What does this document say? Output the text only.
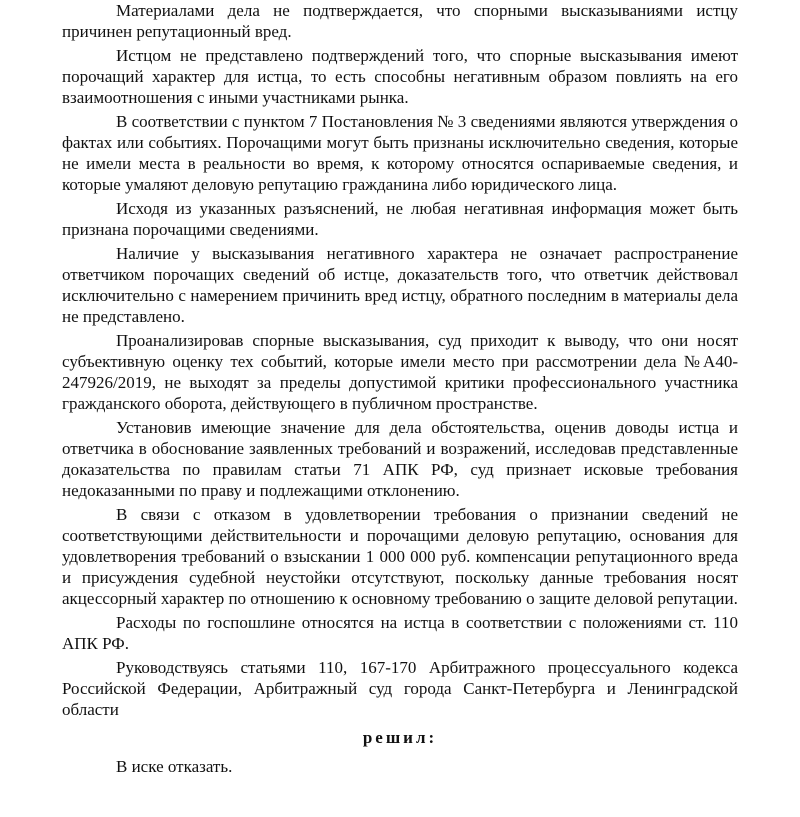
Материалами дела не подтверждается, что спорными высказываниями истцу причинен репутационный вред.

Истцом не представлено подтверждений того, что спорные высказывания имеют порочащий характер для истца, то есть способны негативным образом повлиять на его взаимоотношения с иными участниками рынка.

В соответствии с пунктом 7 Постановления № 3 сведениями являются утверждения о фактах или событиях. Порочащими могут быть признаны исключительно сведения, которые не имели места в реальности во время, к которому относятся оспариваемые сведения, и которые умаляют деловую репутацию гражданина либо юридического лица.

Исходя из указанных разъяснений, не любая негативная информация может быть признана порочащими сведениями.

Наличие у высказывания негативного характера не означает распространение ответчиком порочащих сведений об истце, доказательств того, что ответчик действовал исключительно с намерением причинить вред истцу, обратного последним в материалы дела не представлено.

Проанализировав спорные высказывания, суд приходит к выводу, что они носят субъективную оценку тех событий, которые имели место при рассмотрении дела №А40-247926/2019, не выходят за пределы допустимой критики профессионального участника гражданского оборота, действующего в публичном пространстве.

Установив имеющие значение для дела обстоятельства, оценив доводы истца и ответчика в обоснование заявленных требований и возражений, исследовав представленные доказательства по правилам статьи 71 АПК РФ, суд признает исковые требования недоказанными по праву и подлежащими отклонению.

В связи с отказом в удовлетворении требования о признании сведений не соответствующими действительности и порочащими деловую репутацию, основания для удовлетворения требований о взыскании 1 000 000 руб. компенсации репутационного вреда и присуждения судебной неустойки отсутствуют, поскольку данные требования носят акцессорный характер по отношению к основному требованию о защите деловой репутации.

Расходы по госпошлине относятся на истца в соответствии с положениями ст. 110 АПК РФ.

Руководствуясь статьями 110, 167-170 Арбитражного процессуального кодекса Российской Федерации, Арбитражный суд города Санкт-Петербурга и Ленинградской области

решил:

В иске отказать.
